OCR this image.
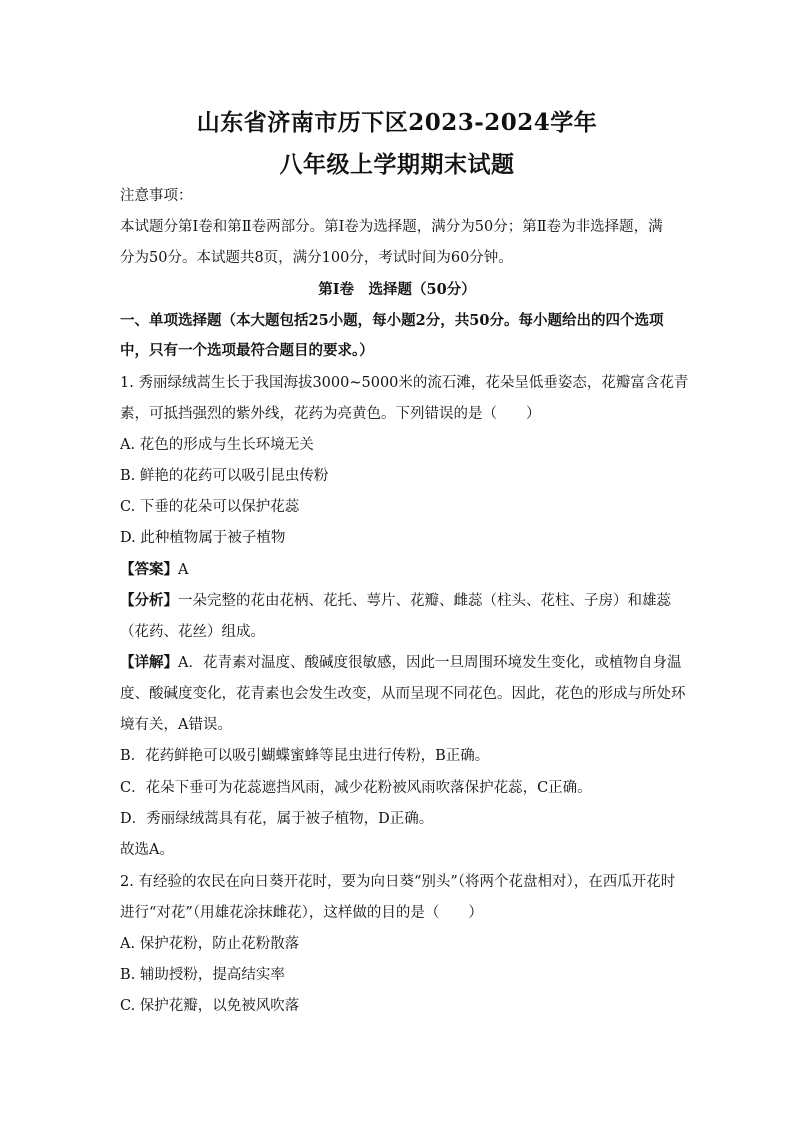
山东省济南市历下区2023-2024学年
八年级上学期期末试题
注意事项：
本试题分第Ⅰ卷和第Ⅱ卷两部分。第Ⅰ卷为选择题，满分为50分；第Ⅱ卷为非选择题，满
分为50分。本试题共8页，满分100分，考试时间为60分钟。
第Ⅰ卷　选择题（50分）
一、单项选择题（本大题包括25小题，每小题2分，共50分。每小题给出的四个选项
中，只有一个选项最符合题目的要求。）
1. 秀丽绿绒蒿生长于我国海拔3000~5000米的流石滩，花朵呈低垂姿态，花瓣富含花青
素，可抵挡强烈的紫外线，花药为亮黄色。下列错误的是（　　）
A. 花色的形成与生长环境无关
B. 鲜艳的花药可以吸引昆虫传粉
C. 下垂的花朵可以保护花蕊
D. 此种植物属于被子植物
【答案】A
【分析】一朵完整的花由花柄、花托、萼片、花瓣、雌蕊（柱头、花柱、子房）和雄蕊
（花药、花丝）组成。
【详解】A．花青素对温度、酸碱度很敏感，因此一旦周围环境发生变化，或植物自身温
度、酸碱度变化，花青素也会发生改变，从而呈现不同花色。因此，花色的形成与所处环
境有关，A错误。
B．花药鲜艳可以吸引蝴蝶蜜蜂等昆虫进行传粉，B正确。
C．花朵下垂可为花蕊遮挡风雨，减少花粉被风雨吹落保护花蕊，C正确。
D．秀丽绿绒蒿具有花，属于被子植物，D正确。
故选A。
2. 有经验的农民在向日葵开花时，要为向日葵“别头”（将两个花盘相对），在西瓜开花时
进行“对花”（用雄花涂抹雌花），这样做的目的是（　　）
A. 保护花粉，防止花粉散落
B. 辅助授粉，提高结实率
C. 保护花瓣，以免被风吹落
